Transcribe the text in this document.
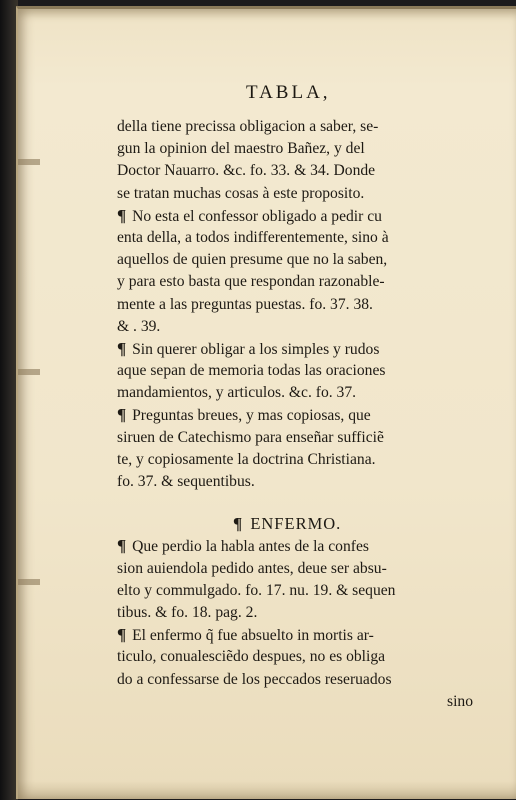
TABLA,
della tiene precissa obligacion a saber, se-
gun la opinion del maestro Bañez, y del
Doctor Nauarro. &c. fo. 33. & 34. Donde
se tratan muchas cosas à este proposito.
¶ No esta el confessor obligado a pedir cu
enta della, a todos indifferentemente, sino à
aquellos de quien presume que no la saben,
y para esto basta que respondan razonable-
mente a las preguntas puestas. fo. 37. 38.
& . 39.
¶ Sin querer obligar a los simples y rudos
aque sepan de memoria todas las oraciones
mandamientos, y articulos. &c. fo. 37.
¶ Preguntas breues, y mas copiosas, que
siruen de Catechismo para enseñar sufficiẽ
te, y copiosamente la doctrina Christiana.
fo. 37. & sequentibus.
¶ ENFERMO.
¶ Que perdio la habla antes de la confes
sion auiendola pedido antes, deue ser absu-
elto y commulgado. fo. 17. nu. 19. & sequen
tibus. & fo. 18. pag. 2.
¶ El enfermo q̃ fue absuelto in mortis ar-
ticulo, conualesciẽdo despues, no es obliga
do a confessarse de los peccados reseruados
sino
